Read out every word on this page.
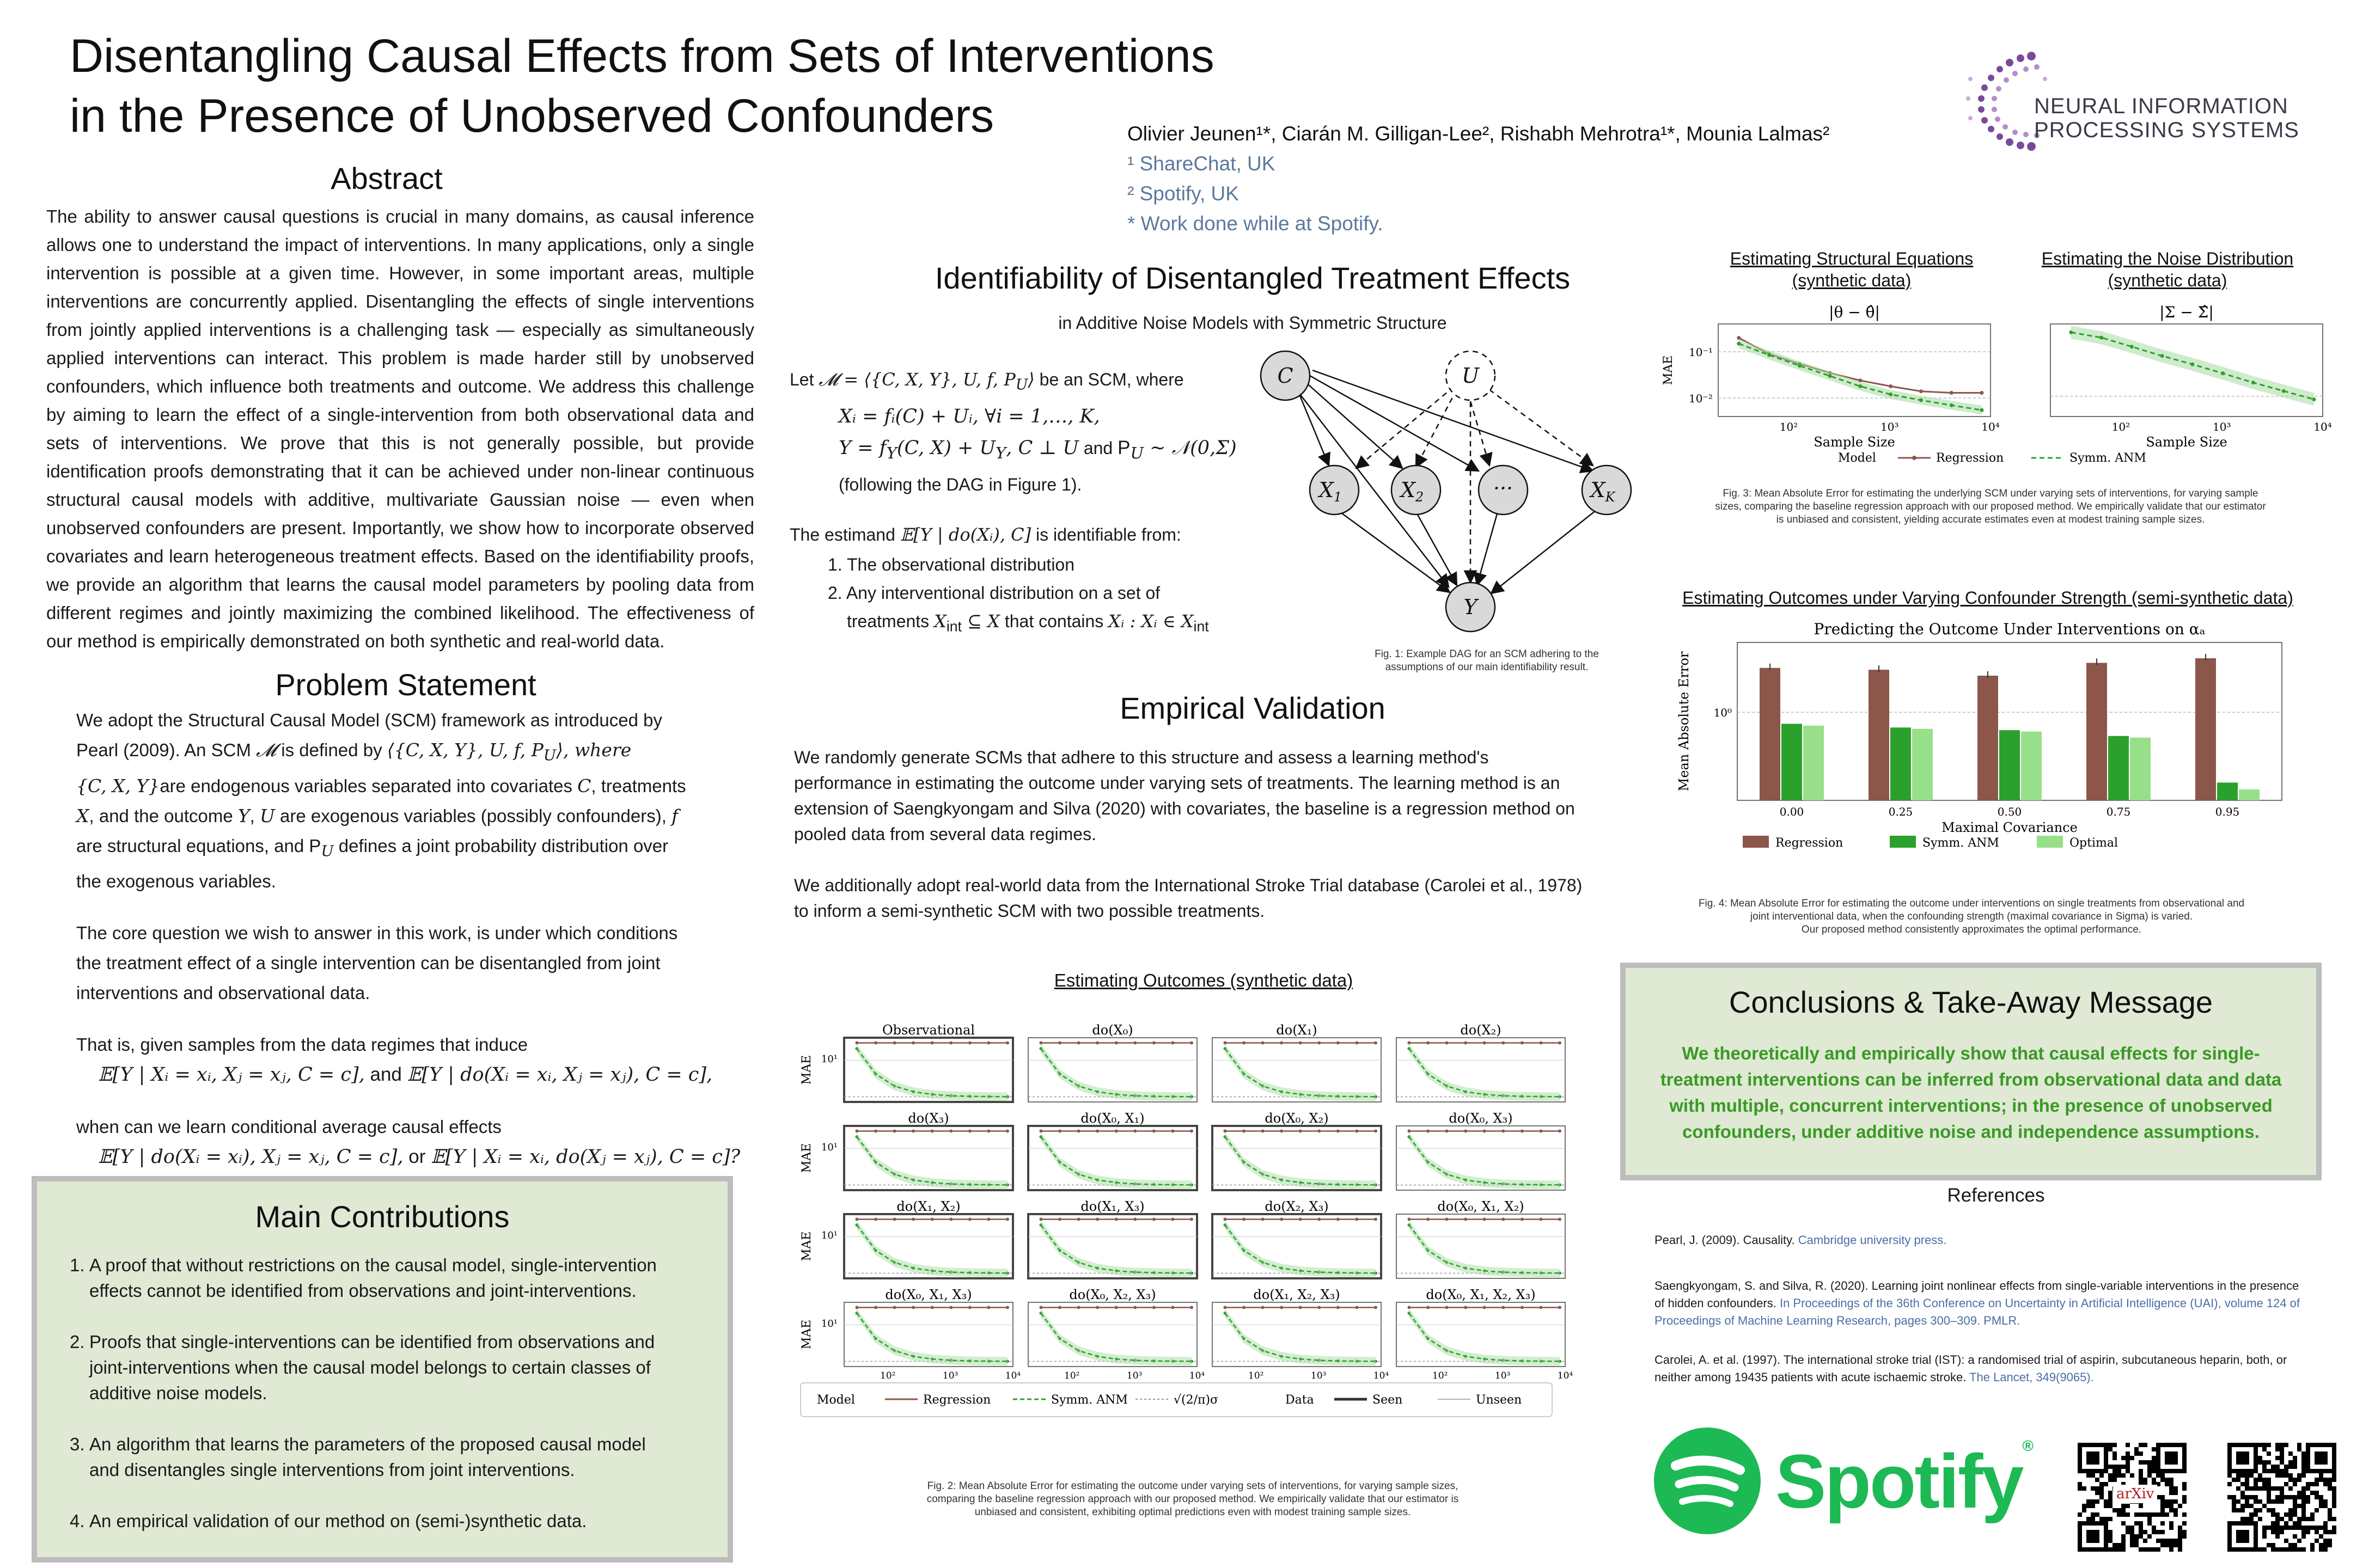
Disentangling Causal Effects from Sets of Interventions
in the Presence of Unobserved Confounders	Olivier Jeunen¹*, Ciarán M. Gilligan-Lee², Rishabh Mehrotra¹*, Mounia Lalmas²
¹ ShareChat, UK
² Spotify, UK
* Work done while at Spotify.
NEURAL INFORMATION
PROCESSING SYSTEMS
Abstract
The ability to answer causal questions is crucial in many domains, as causal inference allows one to understand the impact of interventions. In many applications, only a single intervention is possible at a given time. However, in some important areas, multiple interventions are concurrently applied. Disentangling the effects of single interventions from jointly applied interventions is a challenging task — especially as simultaneously applied interventions can interact. This problem is made harder still by unobserved confounders, which influence both treatments and outcome. We address this challenge by aiming to learn the effect of a single-intervention from both observational data and sets of interventions. We prove that this is not generally possible, but provide identification proofs demonstrating that it can be achieved under non-linear continuous structural causal models with additive, multivariate Gaussian noise — even when unobserved confounders are present. Importantly, we show how to incorporate observed covariates and learn heterogeneous treatment effects. Based on the identifiability proofs, we provide an algorithm that learns the causal model parameters by pooling data from different regimes and jointly maximizing the combined likelihood. The effectiveness of our method is empirically demonstrated on both synthetic and real-world data.
Problem Statement
We adopt the Structural Causal Model (SCM) framework as introduced by
Pearl (2009). An SCM 𝓜 is defined by ⟨{C, X, Y}, U, f, $P_U⟩$, where
{C, X, Y}are endogenous variables separated into covariates C, treatments
X, and the outcome Y, U are exogenous variables (possibly confounders), f
are structural equations, and $P_U$ defines a joint probability distribution over
the exogenous variables.
The core question we wish to answer in this work, is under which conditions
the treatment effect of a single intervention can be disentangled from joint
interventions and observational data.
That is, given samples from the data regimes that induce
𝔼[Y | Xᵢ = xᵢ, Xⱼ = xⱼ, C = c], and 𝔼[Y | do(Xᵢ = xᵢ, Xⱼ = xⱼ), C = c],
when can we learn conditional average causal effects
𝔼[Y | do(Xᵢ = xᵢ), Xⱼ = xⱼ, C = c], or 𝔼[Y | Xᵢ = xᵢ, do(Xⱼ = xⱼ), C = c]?
Main Contributions
1. A proof that without restrictions on the causal model, single-intervention
effects cannot be identified from observations and joint-interventions.
2. Proofs that single-interventions can be identified from observations and
joint-interventions when the causal model belongs to certain classes of
additive noise models.
3. An algorithm that learns the parameters of the proposed causal model
and disentangles single interventions from joint interventions.
4. An empirical validation of our method on (semi-)synthetic data.
Identifiability of Disentangled Treatment Effects
in Additive Noise Models with Symmetric Structure
Let 𝓜 = ⟨{C, X, Y}, U, f, $P_U⟩$ be an SCM, where
Xᵢ = fᵢ(C) + Uᵢ, ∀i = 1,…, K,
$Y = f_Y(C$, $X) + U_Y$, C ⊥ U and $P_U$ ~ 𝒩(0,Σ)
(following the DAG in Figure 1).
The estimand 𝔼[Y | do(Xᵢ), C] is identifiable from:
1. The observational distribution
2. Any interventional distribution on a set of
treatments $X_{int}$ ⊆ X that contains Xᵢ : Xᵢ ∈ $X_{int}$
C	U
$X_1$	$X_2$	···	$X_K$
Y
Fig. 1: Example DAG for an SCM adhering to the
assumptions of our main identifiability result.
Empirical Validation
We randomly generate SCMs that adhere to this structure and assess a learning method's performance in estimating the outcome under varying sets of treatments. The learning method is an extension of Saengkyongam and Silva (2020) with covariates, the baseline is a regression method on pooled data from several data regimes.
We additionally adopt real-world data from the International Stroke Trial database (Carolei et al., 1978) to inform a semi-synthetic SCM with two possible treatments.
Estimating Outcomes (synthetic data)
Observational
10¹
MAE
do(X₀)	do(X₁)	do(X₂)
do(X₃)
10¹
MAE
do(X₀, X₁)	do(X₀, X₂)	do(X₀, X₃)
do(X₁, X₂)
10¹
MAE
do(X₁, X₃)	do(X₂, X₃)	do(X₀, X₁, X₂)
do(X₀, X₁, X₃)
10¹
MAE
10²	10³	10⁴
do(X₀, X₂, X₃)
10²	10³	10⁴
do(X₁, X₂, X₃)
10²	10³	10⁴
do(X₀, X₁, X₂, X₃)
10²	10³	10⁴
Model	Regression	Symm. ANM	√(2/π)σ	Data	Seen	Unseen
Fig. 2: Mean Absolute Error for estimating the outcome under varying sets of interventions, for varying sample sizes,
comparing the baseline regression approach with our proposed method. We empirically validate that our estimator is
unbiased and consistent, exhibiting optimal predictions even with modest training sample sizes.
Estimating Structural Equations
(synthetic data)
Estimating the Noise Distribution
(synthetic data)
|θ − θ̂|
10⁻¹
10⁻²
MAE
10²	10³	10⁴
Sample Size
|Σ − Σ̂|
10²	10³	10⁴
Sample Size
Model	Regression	Symm. ANM
Fig. 3: Mean Absolute Error for estimating the underlying SCM under varying sets of interventions, for varying sample
sizes, comparing the baseline regression approach with our proposed method. We empirically validate that our estimator
is unbiased and consistent, yielding accurate estimates even at modest training sample sizes.
Estimating Outcomes under Varying Confounder Strength (semi-synthetic data)
Predicting the Outcome Under Interventions on αₐ
10⁰
Mean Absolute Error
0.00	0.25	0.50	0.75	0.95
Maximal Covariance
Regression	Symm. ANM	Optimal
Fig. 4: Mean Absolute Error for estimating the outcome under interventions on single treatments from observational and
joint interventional data, when the confounding strength (maximal covariance in Sigma) is varied.
Our proposed method consistently approximates the optimal performance.
Conclusions & Take-Away Message
We theoretically and empirically show that causal effects for single-treatment interventions can be inferred from observational data and data with multiple, concurrent interventions; in the presence of unobserved confounders, under additive noise and independence assumptions.
References
Pearl, J. (2009). Causality. Cambridge university press.
Saengkyongam, S. and Silva, R. (2020). Learning joint nonlinear effects from single-variable interventions in the presence of hidden confounders. In Proceedings of the 36th Conference on Uncertainty in Artificial Intelligence (UAI), volume 124 of Proceedings of Machine Learning Research, pages 300–309. PMLR.
Carolei, A. et al. (1997). The international stroke trial (IST): a randomised trial of aspirin, subcutaneous heparin, both, or neither among 19435 patients with acute ischaemic stroke. The Lancet, 349(9065).
Spotify®
arXiv
